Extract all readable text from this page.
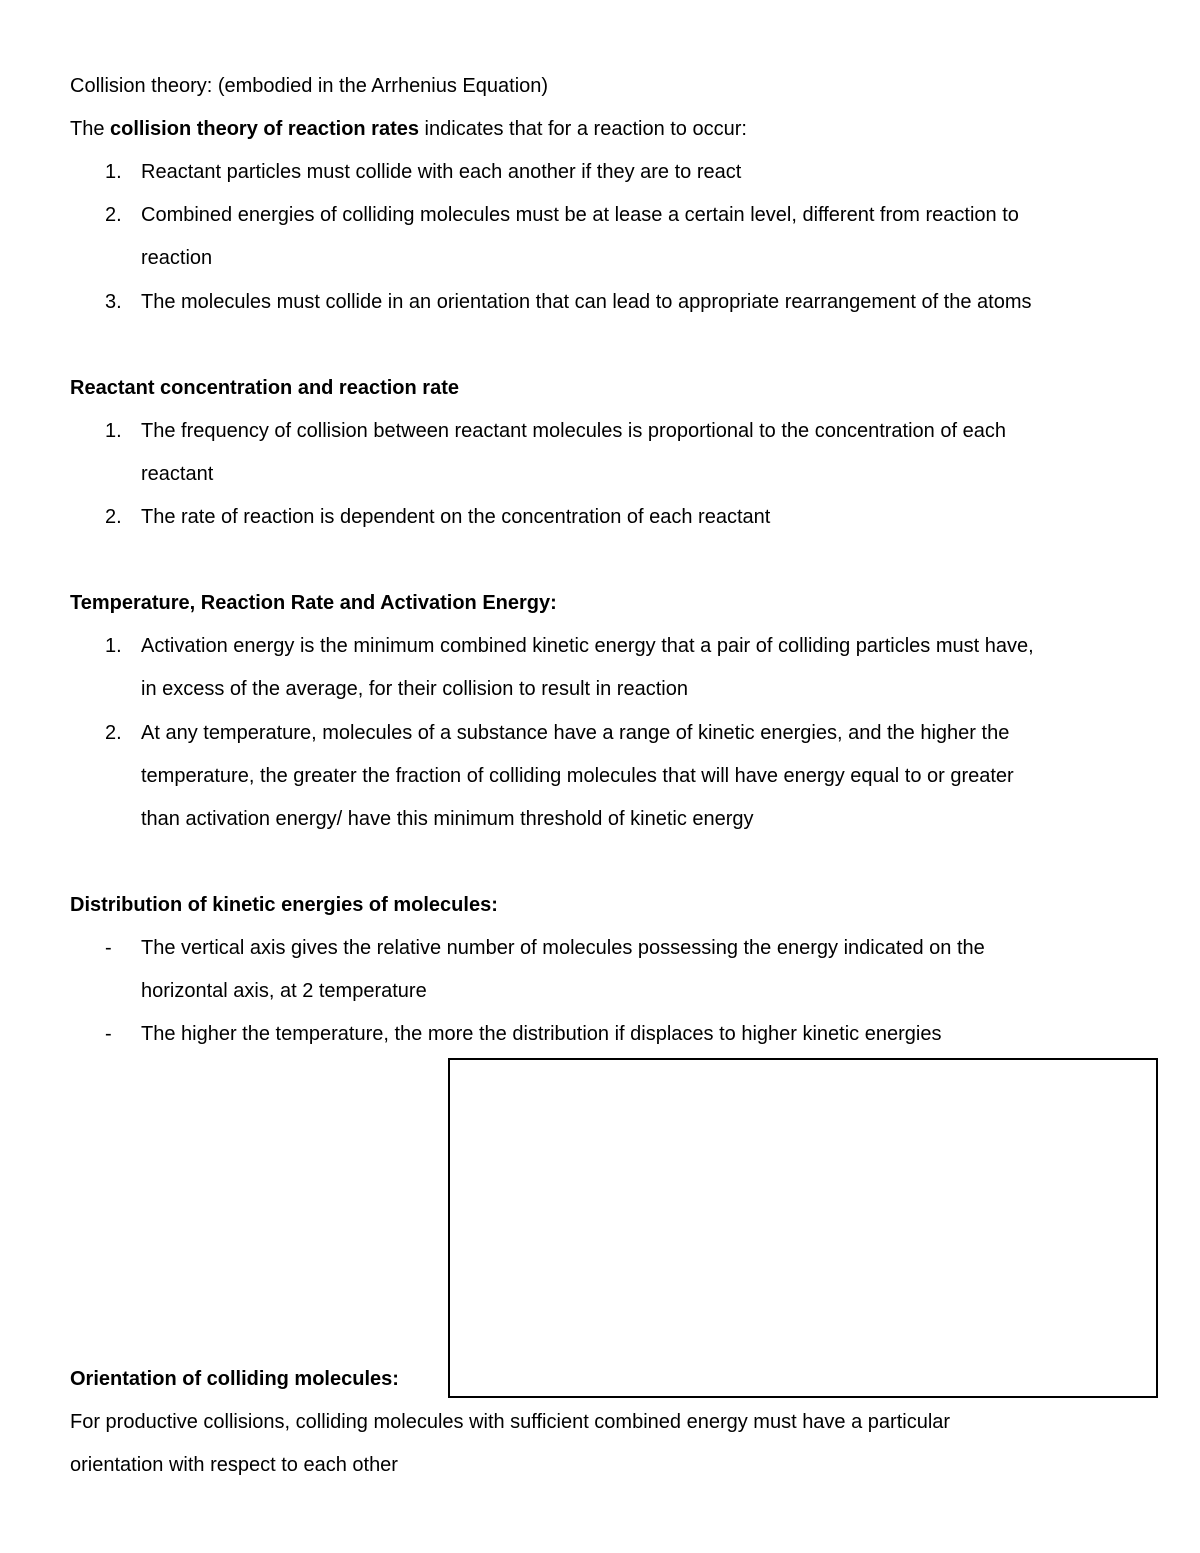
Collision theory: (embodied in the Arrhenius Equation)
The collision theory of reaction rates indicates that for a reaction to occur:
1. Reactant particles must collide with each another if they are to react
2. Combined energies of colliding molecules must be at lease a certain level, different from reaction to
reaction
3. The molecules must collide in an orientation that can lead to appropriate rearrangement of the atoms
Reactant concentration and reaction rate
1. The frequency of collision between reactant molecules is proportional to the concentration of each
reactant
2. The rate of reaction is dependent on the concentration of each reactant
Temperature, Reaction Rate and Activation Energy:
1. Activation energy is the minimum combined kinetic energy that a pair of colliding particles must have,
in excess of the average, for their collision to result in reaction
2. At any temperature, molecules of a substance have a range of kinetic energies, and the higher the
temperature, the greater the fraction of colliding molecules that will have energy equal to or greater
than activation energy/ have this minimum threshold of kinetic energy
Distribution of kinetic energies of molecules:
- The vertical axis gives the relative number of molecules possessing the energy indicated on the
horizontal axis, at 2 temperature
- The higher the temperature, the more the distribution if displaces to higher kinetic energies
Orientation of colliding molecules:
For productive collisions, colliding molecules with sufficient combined energy must have a particular
orientation with respect to each other
